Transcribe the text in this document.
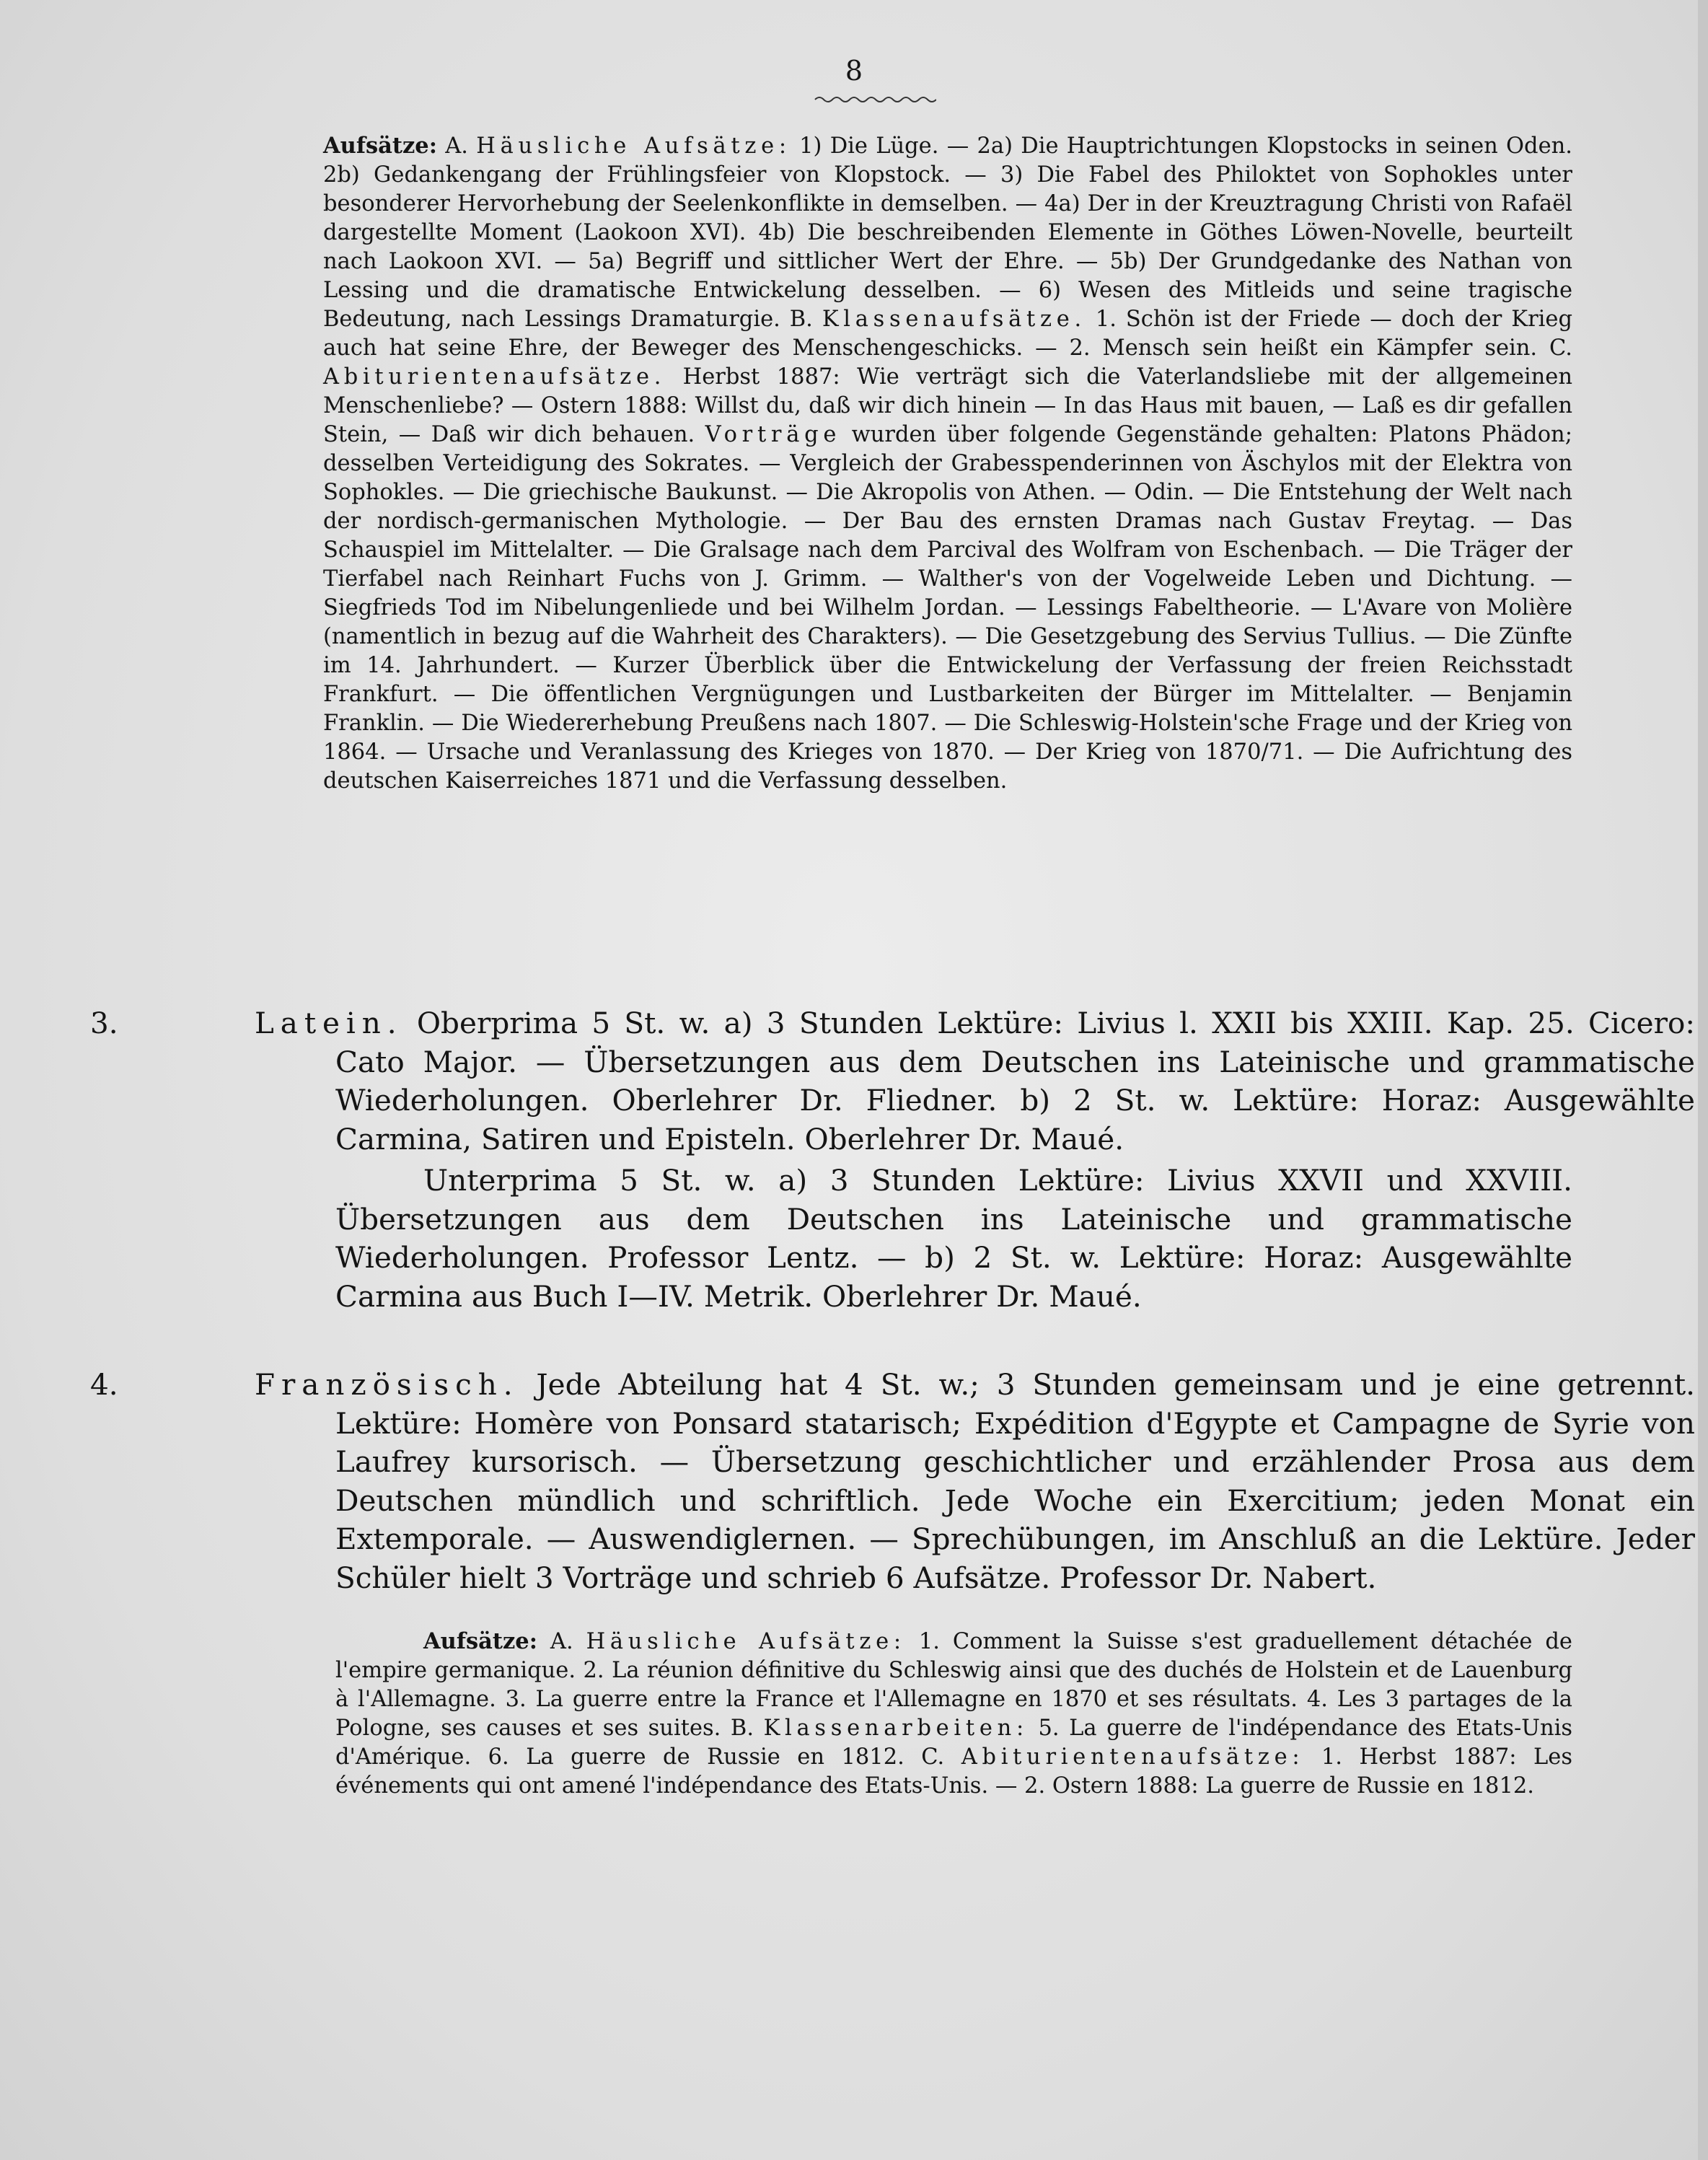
8

Aufsätze: A. Häusliche Aufsätze: 1) Die Lüge. — 2a) Die Hauptrichtungen Klopstocks in seinen Oden. 2b) Gedankengang der Frühlingsfeier von Klopstock. — 3) Die Fabel des Philoktet von Sophokles unter besonderer Hervorhebung der Seelenkonflikte in demselben. — 4a) Der in der Kreuztragung Christi von Rafaël dargestellte Moment (Laokoon XVI). 4b) Die beschreibenden Elemente in Göthes Löwen-Novelle, beurteilt nach Laokoon XVI. — 5a) Begriff und sittlicher Wert der Ehre. — 5b) Der Grundgedanke des Nathan von Lessing und die dramatische Entwickelung desselben. — 6) Wesen des Mitleids und seine tragische Bedeutung, nach Lessings Dramaturgie. B. Klassenaufsätze. 1. Schön ist der Friede — doch der Krieg auch hat seine Ehre, der Beweger des Menschengeschicks. — 2. Mensch sein heißt ein Kämpfer sein. C. Abiturientenaufsätze. Herbst 1887: Wie verträgt sich die Vaterlandsliebe mit der allgemeinen Menschenliebe? — Ostern 1888: Willst du, daß wir dich hinein — In das Haus mit bauen, — Laß es dir gefallen Stein, — Daß wir dich behauen. Vorträge wurden über folgende Gegenstände gehalten: Platons Phädon; desselben Verteidigung des Sokrates. — Vergleich der Grabesspenderinnen von Äschylos mit der Elektra von Sophokles. — Die griechische Baukunst. — Die Akropolis von Athen. — Odin. — Die Entstehung der Welt nach der nordisch-germanischen Mythologie. — Der Bau des ernsten Dramas nach Gustav Freytag. — Das Schauspiel im Mittelalter. — Die Gralsage nach dem Parcival des Wolfram von Eschenbach. — Die Träger der Tierfabel nach Reinhart Fuchs von J. Grimm. — Walther's von der Vogelweide Leben und Dichtung. — Siegfrieds Tod im Nibelungenliede und bei Wilhelm Jordan. — Lessings Fabeltheorie. — L'Avare von Molière (namentlich in bezug auf die Wahrheit des Charakters). — Die Gesetzgebung des Servius Tullius. — Die Zünfte im 14. Jahrhundert. — Kurzer Überblick über die Entwickelung der Verfassung der freien Reichsstadt Frankfurt. — Die öffentlichen Vergnügungen und Lustbarkeiten der Bürger im Mittelalter. — Benjamin Franklin. — Die Wiedererhebung Preußens nach 1807. — Die Schleswig-Holstein'sche Frage und der Krieg von 1864. — Ursache und Veranlassung des Krieges von 1870. — Der Krieg von 1870/71. — Die Aufrichtung des deutschen Kaiserreiches 1871 und die Verfassung desselben.

3.	Latein. Oberprima 5 St. w. a) 3 Stunden Lektüre: Livius l. XXII bis XXIII. Kap. 25. Cicero: Cato Major. — Übersetzungen aus dem Deutschen ins Lateinische und grammatische Wiederholungen. Oberlehrer Dr. Fliedner. b) 2 St. w. Lektüre: Horaz: Ausgewählte Carmina, Satiren und Episteln. Oberlehrer Dr. Maué.

Unterprima 5 St. w. a) 3 Stunden Lektüre: Livius XXVII und XXVIII. Übersetzungen aus dem Deutschen ins Lateinische und grammatische Wiederholungen. Professor Lentz. — b) 2 St. w. Lektüre: Horaz: Ausgewählte Carmina aus Buch I—IV. Metrik. Oberlehrer Dr. Maué.

4.	Französisch. Jede Abteilung hat 4 St. w.; 3 Stunden gemeinsam und je eine getrennt. Lektüre: Homère von Ponsard statarisch; Expédition d'Egypte et Campagne de Syrie von Laufrey kursorisch. — Übersetzung geschichtlicher und erzählender Prosa aus dem Deutschen mündlich und schriftlich. Jede Woche ein Exercitium; jeden Monat ein Extemporale. — Auswendiglernen. — Sprechübungen, im Anschluß an die Lektüre. Jeder Schüler hielt 3 Vorträge und schrieb 6 Aufsätze. Professor Dr. Nabert.

Aufsätze: A. Häusliche Aufsätze: 1. Comment la Suisse s'est graduellement détachée de l'empire germanique. 2. La réunion définitive du Schleswig ainsi que des duchés de Holstein et de Lauenburg à l'Allemagne. 3. La guerre entre la France et l'Allemagne en 1870 et ses résultats. 4. Les 3 partages de la Pologne, ses causes et ses suites. B. Klassenarbeiten: 5. La guerre de l'indépendance des Etats-Unis d'Amérique. 6. La guerre de Russie en 1812. C. Abiturientenaufsätze: 1. Herbst 1887: Les événements qui ont amené l'indépendance des Etats-Unis. — 2. Ostern 1888: La guerre de Russie en 1812.
